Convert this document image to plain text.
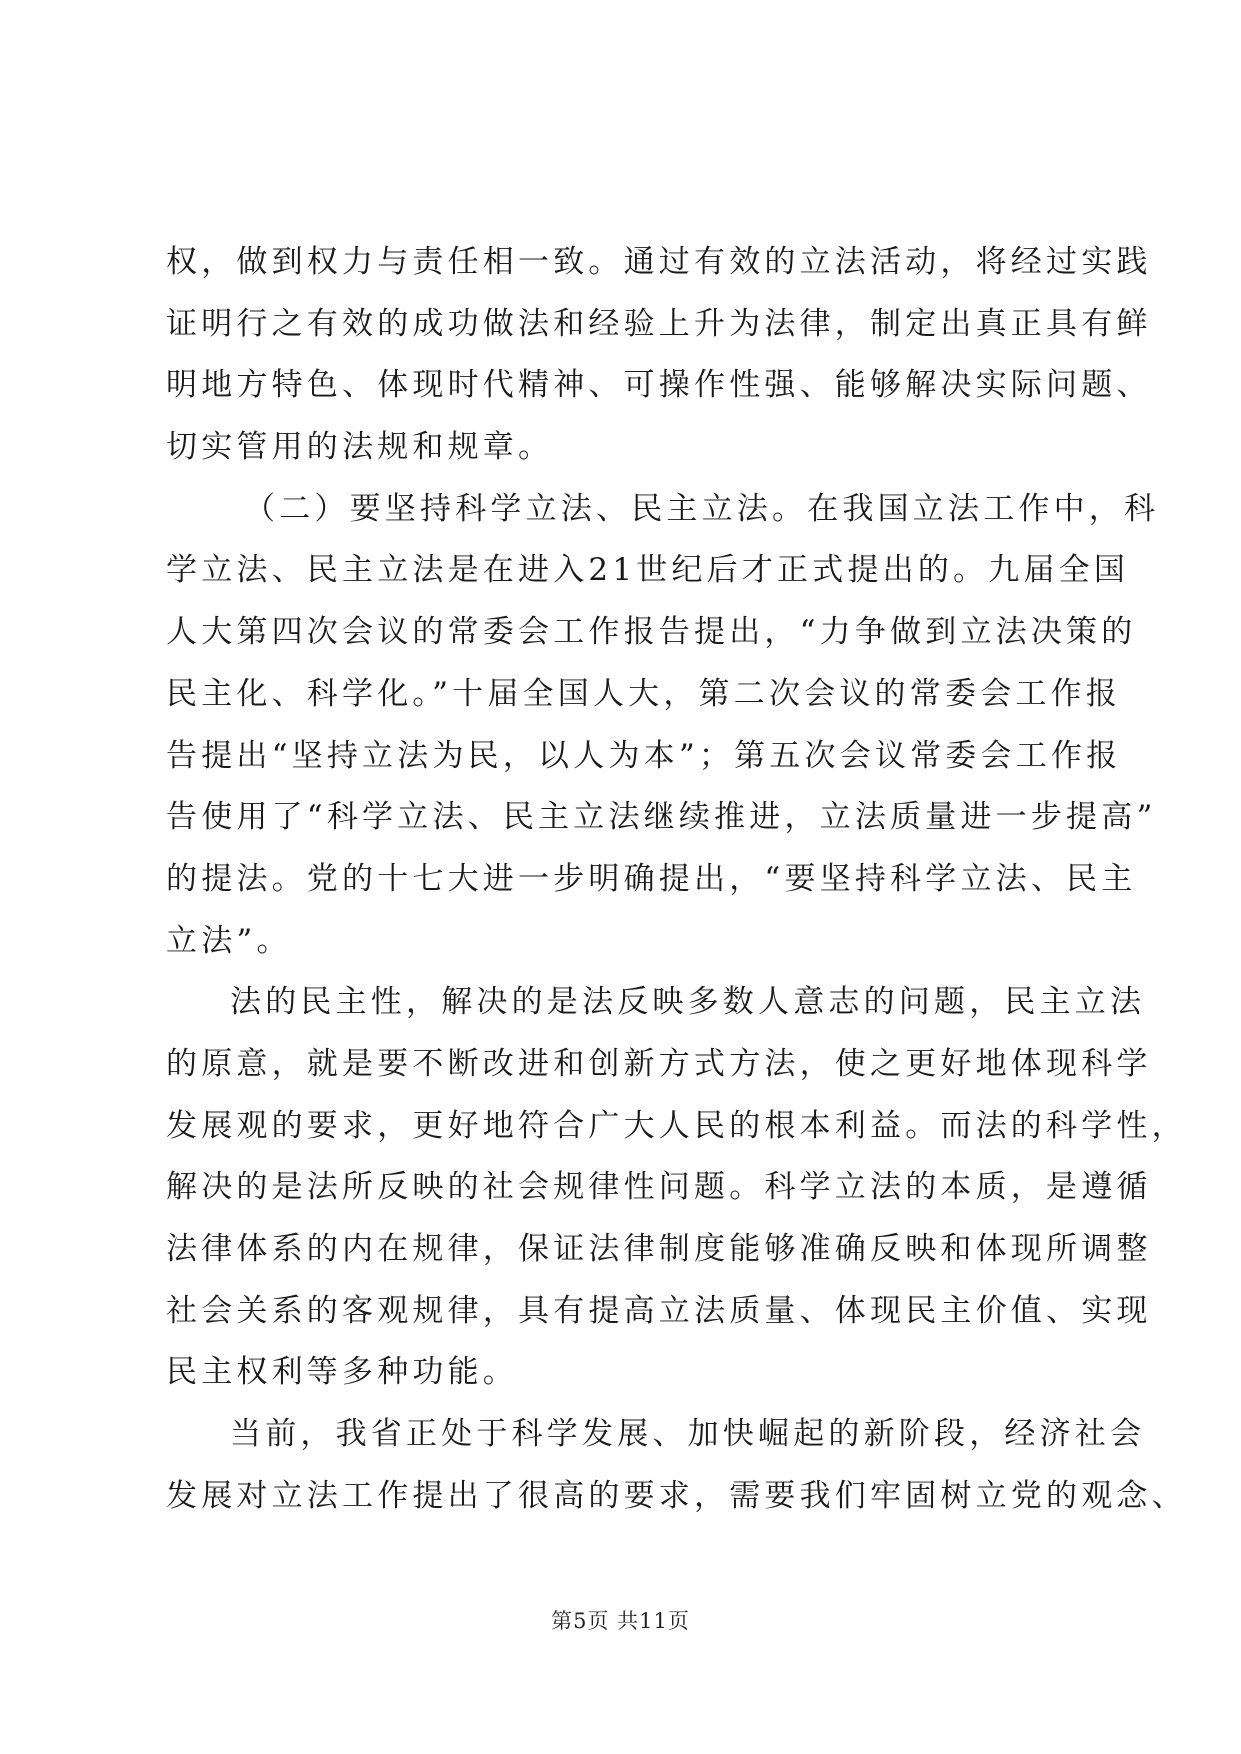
权，做到权力与责任相一致。通过有效的立法活动，将经过实践
证明行之有效的成功做法和经验上升为法律，制定出真正具有鲜
明地方特色、体现时代精神、可操作性强、能够解决实际问题、
切实管用的法规和规章。
（二）要坚持科学立法、民主立法。在我国立法工作中，科
学立法、民主立法是在进入21世纪后才正式提出的。九届全国
人大第四次会议的常委会工作报告提出，“力争做到立法决策的
民主化、科学化。”十届全国人大，第二次会议的常委会工作报
告提出“坚持立法为民，以人为本”；第五次会议常委会工作报
告使用了“科学立法、民主立法继续推进，立法质量进一步提高”
的提法。党的十七大进一步明确提出，“要坚持科学立法、民主
立法”。
法的民主性，解决的是法反映多数人意志的问题，民主立法
的原意，就是要不断改进和创新方式方法，使之更好地体现科学
发展观的要求，更好地符合广大人民的根本利益。而法的科学性，
解决的是法所反映的社会规律性问题。科学立法的本质，是遵循
法律体系的内在规律，保证法律制度能够准确反映和体现所调整
社会关系的客观规律，具有提高立法质量、体现民主价值、实现
民主权利等多种功能。
当前，我省正处于科学发展、加快崛起的新阶段，经济社会
发展对立法工作提出了很高的要求，需要我们牢固树立党的观念、
第5页 共11页
